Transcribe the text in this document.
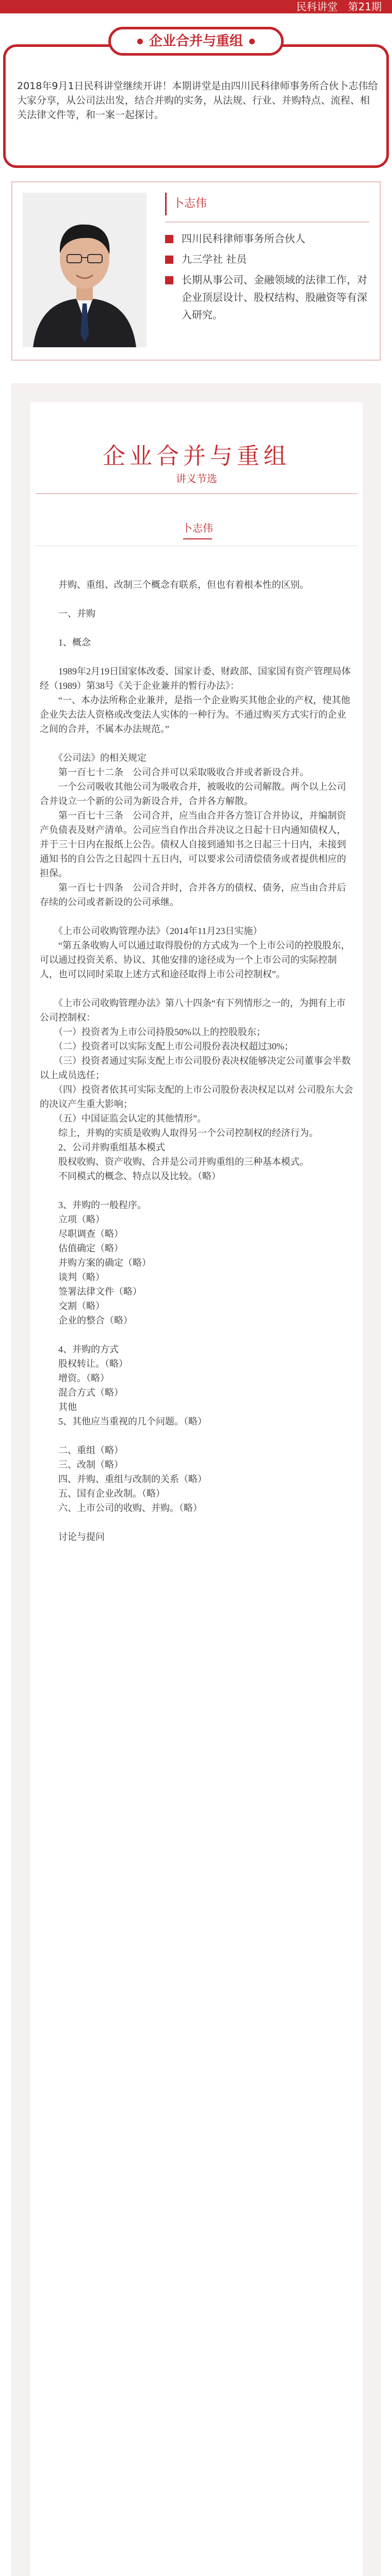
民科讲堂　第21期
企业合并与重组
2018年9月1日民科讲堂继续开讲！本期讲堂是由四川民科律师事务所合伙卜志伟给大家分享，从公司法出发，结合并购的实务，从法规、行业、并购特点、流程、相关法律文件等，和一案一起探讨。
卜志伟
四川民科律师事务所合伙人
九三学社 社员
长期从事公司、金融领域的法律工作，对企业顶层设计、股权结构、股融资等有深入研究。
企业合并与重组
讲义节选
卜志伟

　　并购、重组、改制三个概念有联系，但也有着根本性的区别。

　　一、并购

　　1、概念

　　1989年2月19日国家体改委、国家计委、财政部、国家国有资产管理局体经（1989）第38号《关于企业兼并的暂行办法》：

　　“一、本办法所称企业兼并，是指一个企业购买其他企业的产权，使其他企业失去法人资格或改变法人实体的一种行为。不通过购买方式实行的企业之间的合并，不属本办法规范。”

　　《公司法》的相关规定

　　第一百七十二条　公司合并可以采取吸收合并或者新设合并。

　　一个公司吸收其他公司为吸收合并，被吸收的公司解散。两个以上公司合并设立一个新的公司为新设合并，合并各方解散。

　　第一百七十三条　公司合并，应当由合并各方签订合并协议，并编制资产负债表及财产清单。公司应当自作出合并决议之日起十日内通知债权人，并于三十日内在报纸上公告。债权人自接到通知书之日起三十日内，未接到通知书的自公告之日起四十五日内，可以要求公司清偿债务或者提供相应的担保。

　　第一百七十四条　公司合并时，合并各方的债权、债务，应当由合并后存续的公司或者新设的公司承继。

　　《上市公司收购管理办法》（2014年11月23日实施）

　　“第五条收购人可以通过取得股份的方式成为一个上市公司的控股股东，可以通过投资关系、协议、其他安排的途径成为一个上市公司的实际控制人，也可以同时采取上述方式和途径取得上市公司控制权”。

　　《上市公司收购管理办法》第八十四条“有下列情形之一的，为拥有上市公司控制权：

　　（一）投资者为上市公司持股50%以上的控股股东；

　　（二）投资者可以实际支配上市公司股份表决权超过30%；

　　（三）投资者通过实际支配上市公司股份表决权能够决定公司董事会半数以上成员选任；

　　（四）投资者依其可实际支配的上市公司股份表决权足以对 公司股东大会的决议产生重大影响；

　　（五）中国证监会认定的其他情形”。

　　综上，并购的实质是收购人取得另一个公司控制权的经济行为。

　　2、公司并购重组基本模式

　　股权收购、资产收购、合并是公司并购重组的三种基本模式。

　　不同模式的概念、特点以及比较。（略）

　　3、并购的一般程序。

　　立项（略）

　　尽职调查（略）

　　估值确定（略）

　　并购方案的确定（略）

　　谈判（略）

　　签署法律文件（略）

　　交割（略）

　　企业的整合（略）

　　4、并购的方式

　　股权转让。（略）

　　增资。（略）

　　混合方式（略）

　　其他

　　5、其他应当重视的几个问题。（略）

　　二、重组（略）

　　三、改制（略）

　　四、并购、重组与改制的关系（略）

　　五、国有企业改制。（略）

　　六、上市公司的收购、并购。（略）

　　讨论与提问
